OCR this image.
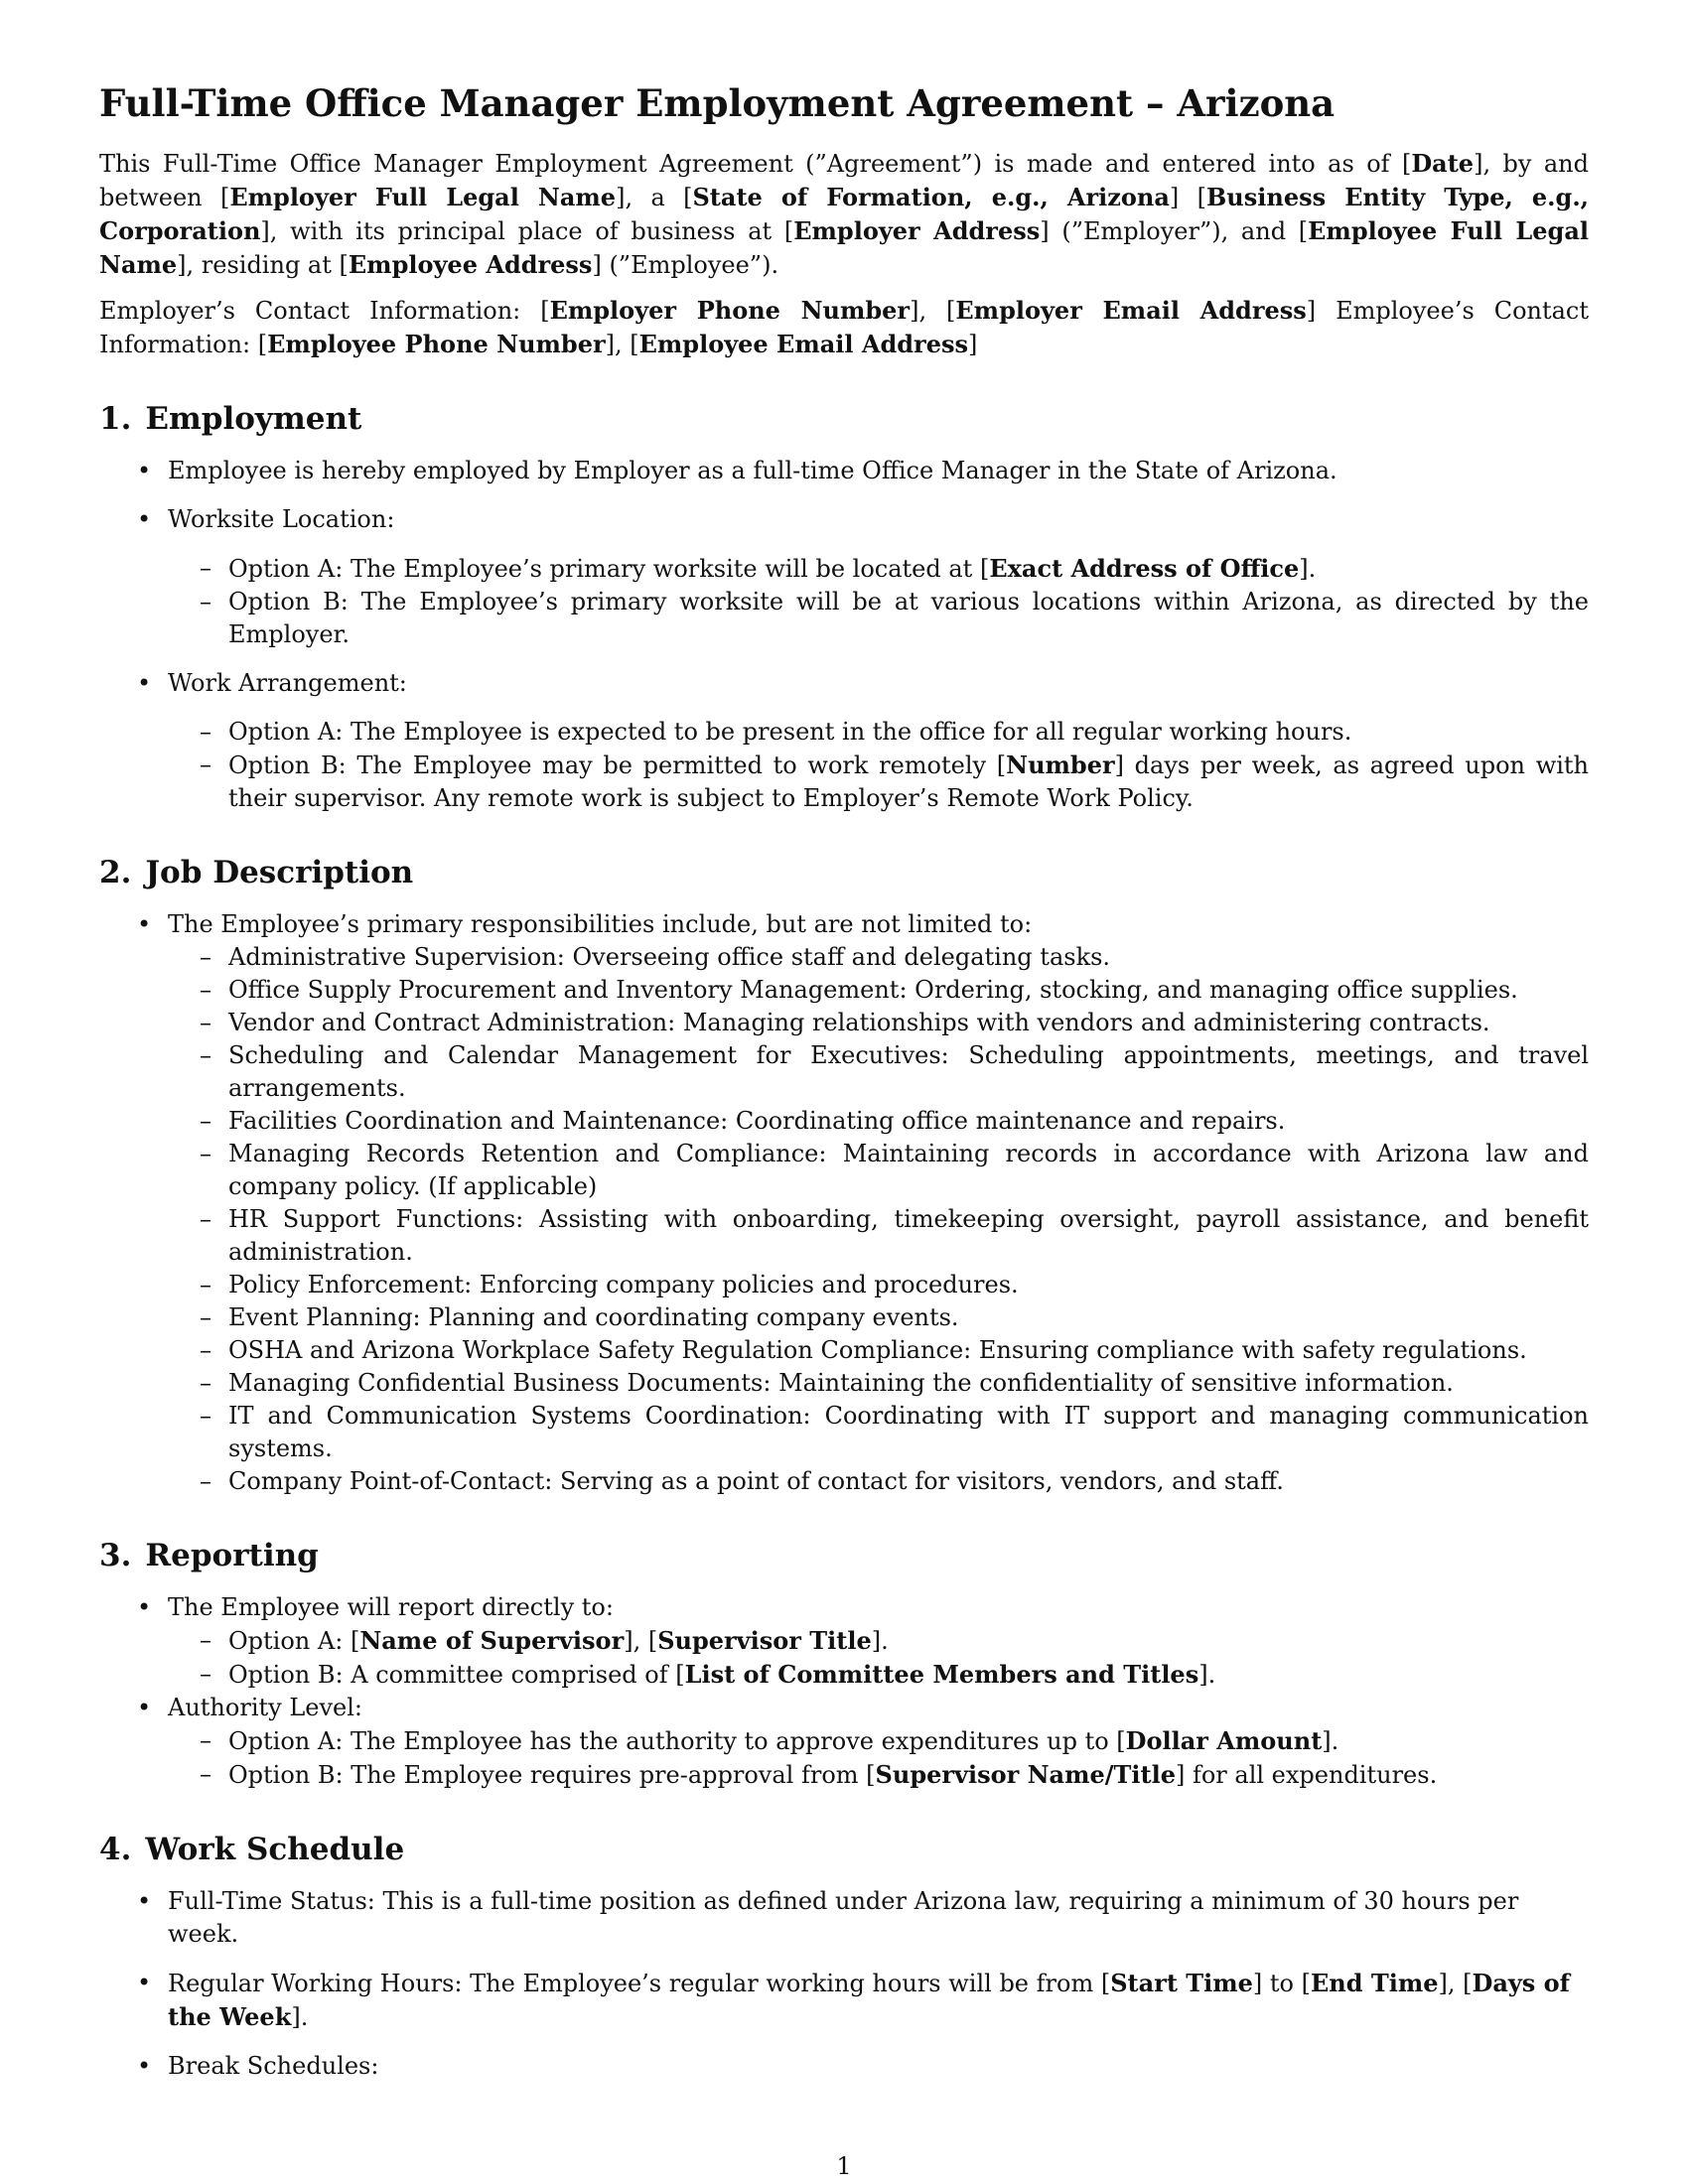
Full-Time Office Manager Employment Agreement – Arizona

This Full-Time Office Manager Employment Agreement (”Agreement”) is made and entered into as of [Date], by and between [Employer Full Legal Name], a [State of Formation, e.g., Arizona] [Business Entity Type, e.g., Corporation], with its principal place of business at [Employer Address] (”Employer”), and [Employee Full Legal Name], residing at [Employee Address] (”Employee”).

Employer’s Contact Information: [Employer Phone Number], [Employer Email Address] Employee’s Contact Information: [Employee Phone Number], [Employee Email Address]

1. Employment
• Employee is hereby employed by Employer as a full-time Office Manager in the State of Arizona.
• Worksite Location:
– Option A: The Employee’s primary worksite will be located at [Exact Address of Office].
– Option B: The Employee’s primary worksite will be at various locations within Arizona, as directed by the Employer.
• Work Arrangement:
– Option A: The Employee is expected to be present in the office for all regular working hours.
– Option B: The Employee may be permitted to work remotely [Number] days per week, as agreed upon with their supervisor. Any remote work is subject to Employer’s Remote Work Policy.
2. Job Description
• The Employee’s primary responsibilities include, but are not limited to:
– Administrative Supervision: Overseeing office staff and delegating tasks.
– Office Supply Procurement and Inventory Management: Ordering, stocking, and managing office supplies.
– Vendor and Contract Administration: Managing relationships with vendors and administering contracts.
– Scheduling and Calendar Management for Executives: Scheduling appointments, meetings, and travel arrangements.
– Facilities Coordination and Maintenance: Coordinating office maintenance and repairs.
– Managing Records Retention and Compliance: Maintaining records in accordance with Arizona law and company policy. (If applicable)
– HR Support Functions: Assisting with onboarding, timekeeping oversight, payroll assistance, and benefit administration.
– Policy Enforcement: Enforcing company policies and procedures.
– Event Planning: Planning and coordinating company events.
– OSHA and Arizona Workplace Safety Regulation Compliance: Ensuring compliance with safety regulations.
– Managing Confidential Business Documents: Maintaining the confidentiality of sensitive information.
– IT and Communication Systems Coordination: Coordinating with IT support and managing communication systems.
– Company Point-of-Contact: Serving as a point of contact for visitors, vendors, and staff.
3. Reporting
• The Employee will report directly to:
– Option A: [Name of Supervisor], [Supervisor Title].
– Option B: A committee comprised of [List of Committee Members and Titles].
• Authority Level:
– Option A: The Employee has the authority to approve expenditures up to [Dollar Amount].
– Option B: The Employee requires pre-approval from [Supervisor Name/Title] for all expenditures.
4. Work Schedule
• Full-Time Status: This is a full-time position as defined under Arizona law, requiring a minimum of 30 hours per week.
• Regular Working Hours: The Employee’s regular working hours will be from [Start Time] to [End Time], [Days of the Week].
• Break Schedules:
1
